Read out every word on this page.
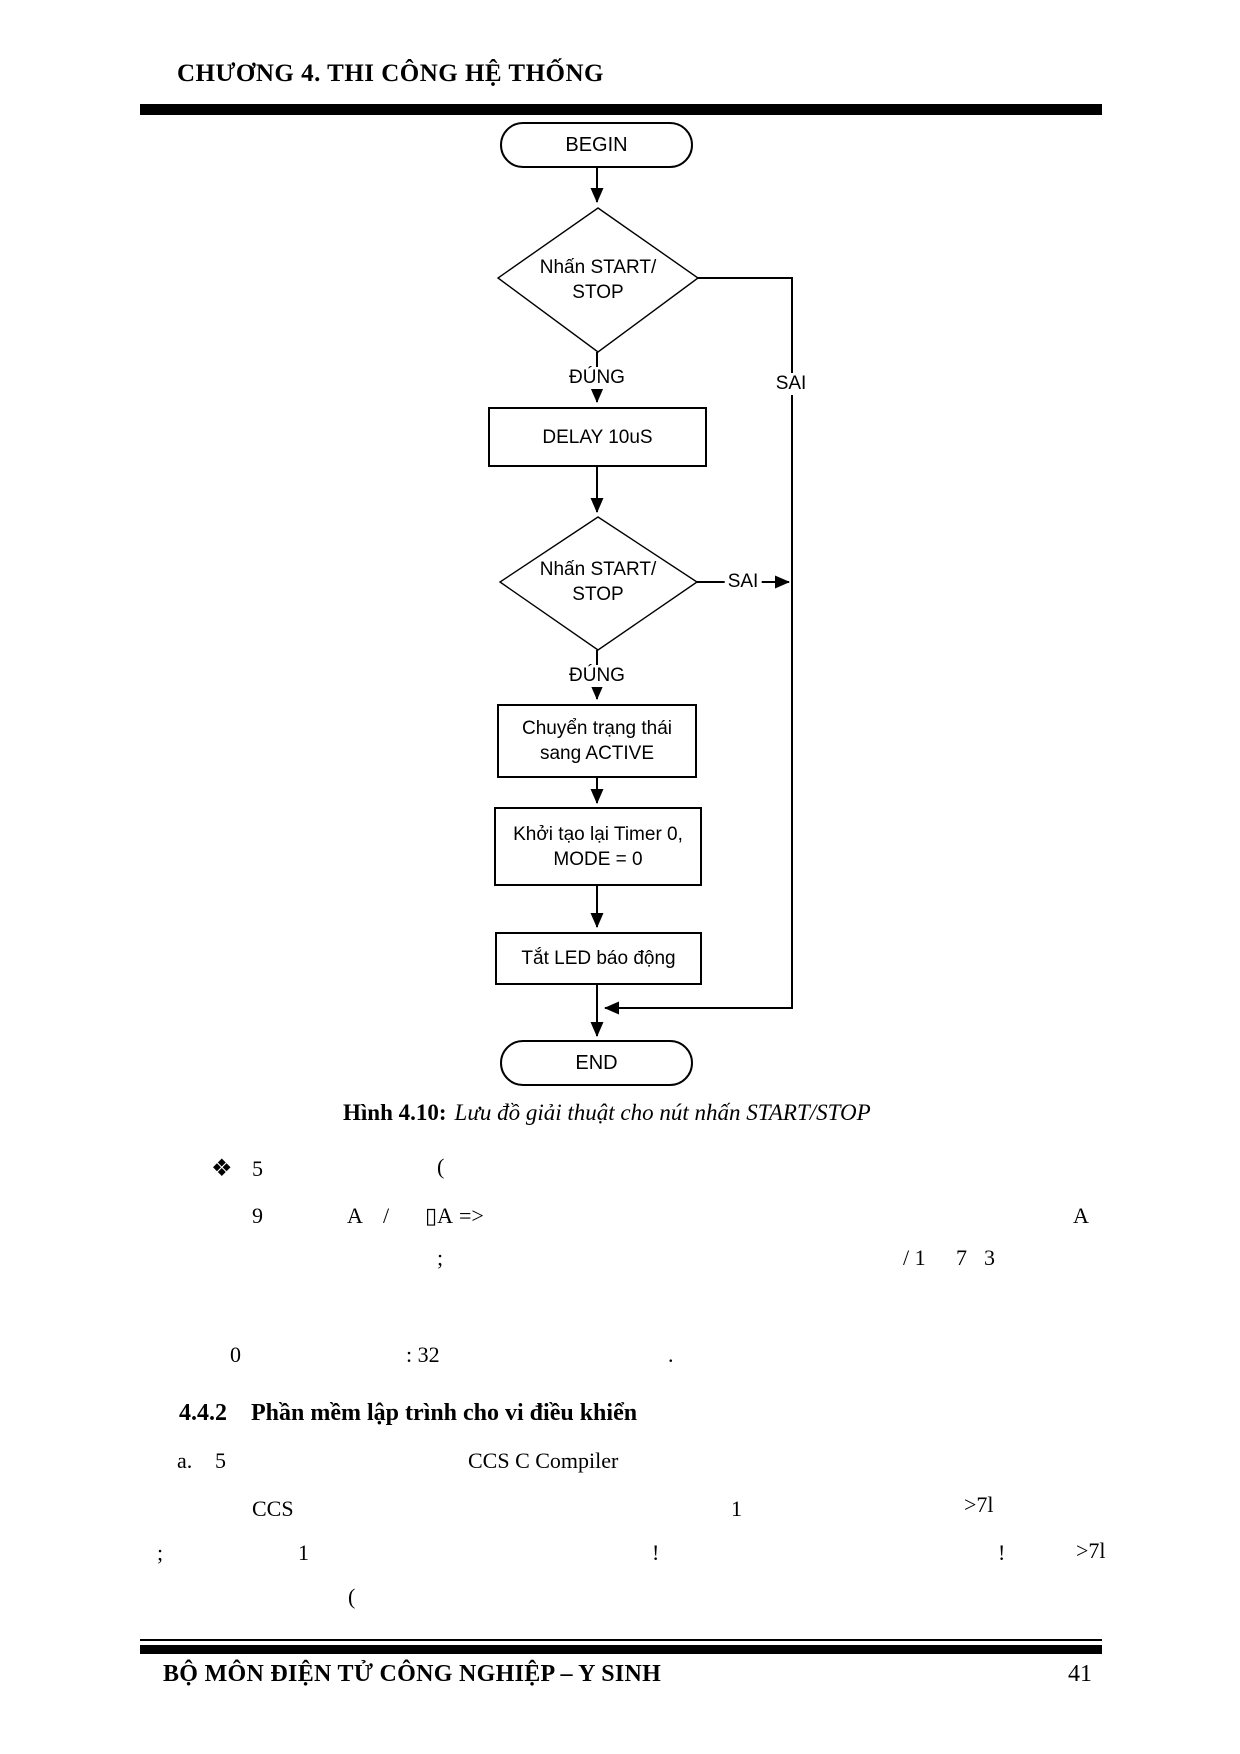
CHƯƠNG 4. THI CÔNG HỆ THỐNG
BEGIN
Nhấn START/
STOP
ĐÚNG	SAI
DELAY 10uS
Nhấn START/
STOP
SAI
ĐÚNG
Chuyển trạng thái
sang ACTIVE
Khởi tạo lại Timer 0,
MODE = 0
Tắt LED báo động
END
Hình 4.10: Lưu đồ giải thuật cho nút nhấn START/STOP
❖ 5	(
9	A / ▯A =>	A
;	/ 1 7 3
0	: 32	.
4.4.2 Phần mềm lập trình cho vi điều khiển
a. 5	CCS C Compiler
CCS	1	>7l
;	1	!	!	>7l
(
BỘ MÔN ĐIỆN TỬ CÔNG NGHIỆP – Y SINH	41
